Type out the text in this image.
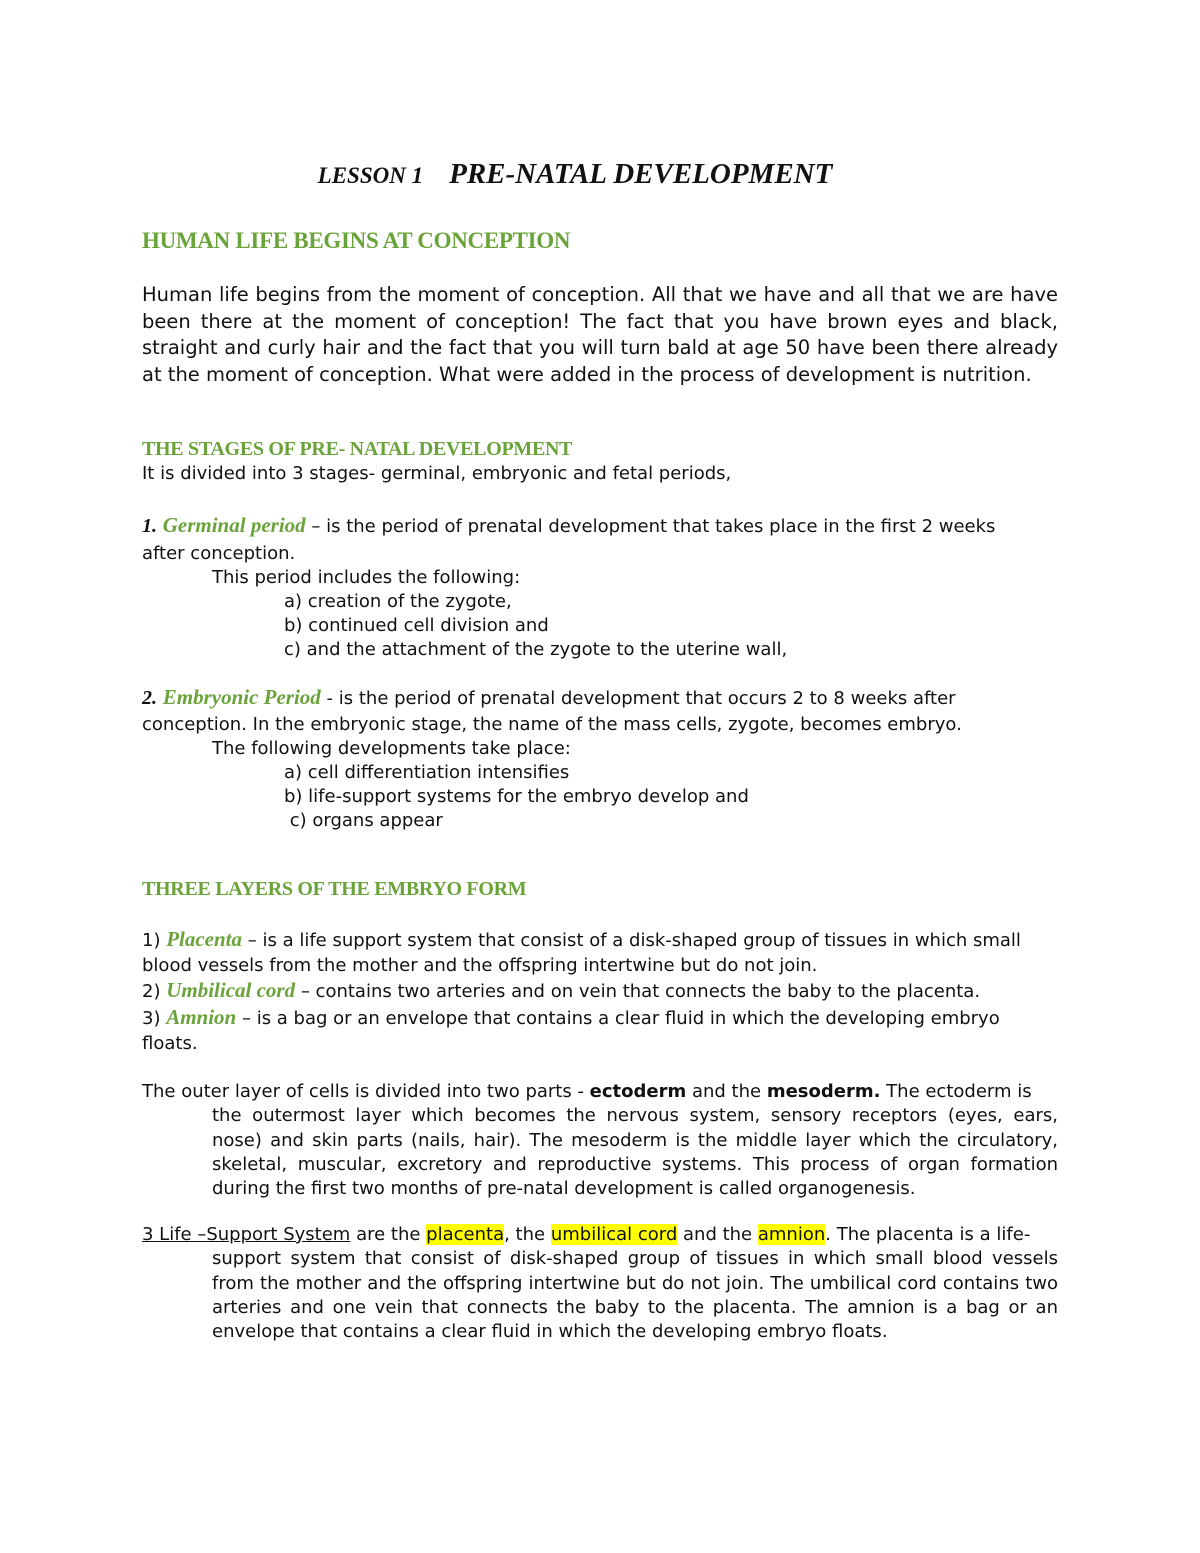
LESSON 1 PRE-NATAL DEVELOPMENT
HUMAN LIFE BEGINS AT CONCEPTION
Human life begins from the moment of conception. All that we have and all that we are have been there at the moment of conception! The fact that you have brown eyes and black, straight and curly hair and the fact that you will turn bald at age 50 have been there already at the moment of conception. What were added in the process of development is nutrition.
THE STAGES OF PRE- NATAL DEVELOPMENT
It is divided into 3 stages- germinal, embryonic and fetal periods,
1. Germinal period – is the period of prenatal development that takes place in the first 2 weeks
after conception.
This period includes the following:
a) creation of the zygote,
b) continued cell division and
c) and the attachment of the zygote to the uterine wall,
2. Embryonic Period - is the period of prenatal development that occurs 2 to 8 weeks after
conception. In the embryonic stage, the name of the mass cells, zygote, becomes embryo.
The following developments take place:
a) cell differentiation intensifies
b) life-support systems for the embryo develop and
c) organs appear
THREE LAYERS OF THE EMBRYO FORM
1) Placenta – is a life support system that consist of a disk-shaped group of tissues in which small
blood vessels from the mother and the offspring intertwine but do not join.
2) Umbilical cord – contains two arteries and on vein that connects the baby to the placenta.
3) Amnion – is a bag or an envelope that contains a clear fluid in which the developing embryo
floats.
The outer layer of cells is divided into two parts - ectoderm and the mesoderm. The ectoderm is
the outermost layer which becomes the nervous system, sensory receptors (eyes, ears, nose) and skin parts (nails, hair). The mesoderm is the middle layer which the circulatory, skeletal, muscular, excretory and reproductive systems. This process of organ formation during the first two months of pre-natal development is called organogenesis.
3 Life –Support System are the placenta, the umbilical cord and the amnion. The placenta is a life-
support system that consist of disk-shaped group of tissues in which small blood vessels from the mother and the offspring intertwine but do not join. The umbilical cord contains two arteries and one vein that connects the baby to the placenta. The amnion is a bag or an envelope that contains a clear fluid in which the developing embryo floats.
